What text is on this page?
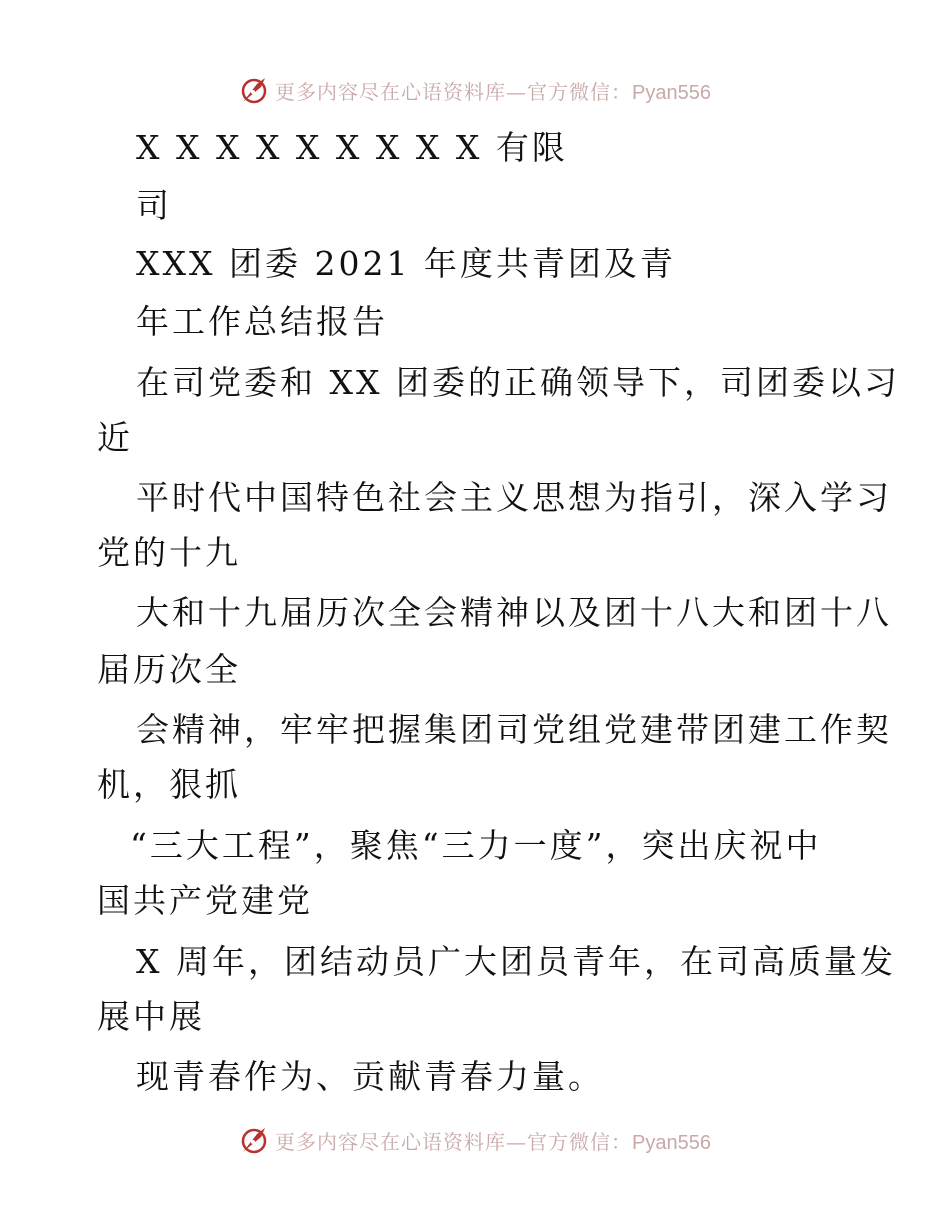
更多内容尽在心语资料库—官方微信：Pyan556
X X X X X X X X X 有限
司
XXX 团委 2021 年度共青团及青
年工作总结报告
在司党委和 XX 团委的正确领导下，司团委以习
近
平时代中国特色社会主义思想为指引，深入学习
党的十九
大和十九届历次全会精神以及团十八大和团十八
届历次全
会精神，牢牢把握集团司党组党建带团建工作契
机，狠抓
“三大工程”，聚焦“三力一度”，突出庆祝中
国共产党建党
X 周年，团结动员广大团员青年，在司高质量发
展中展
现青春作为、贡献青春力量。
更多内容尽在心语资料库—官方微信：Pyan556
